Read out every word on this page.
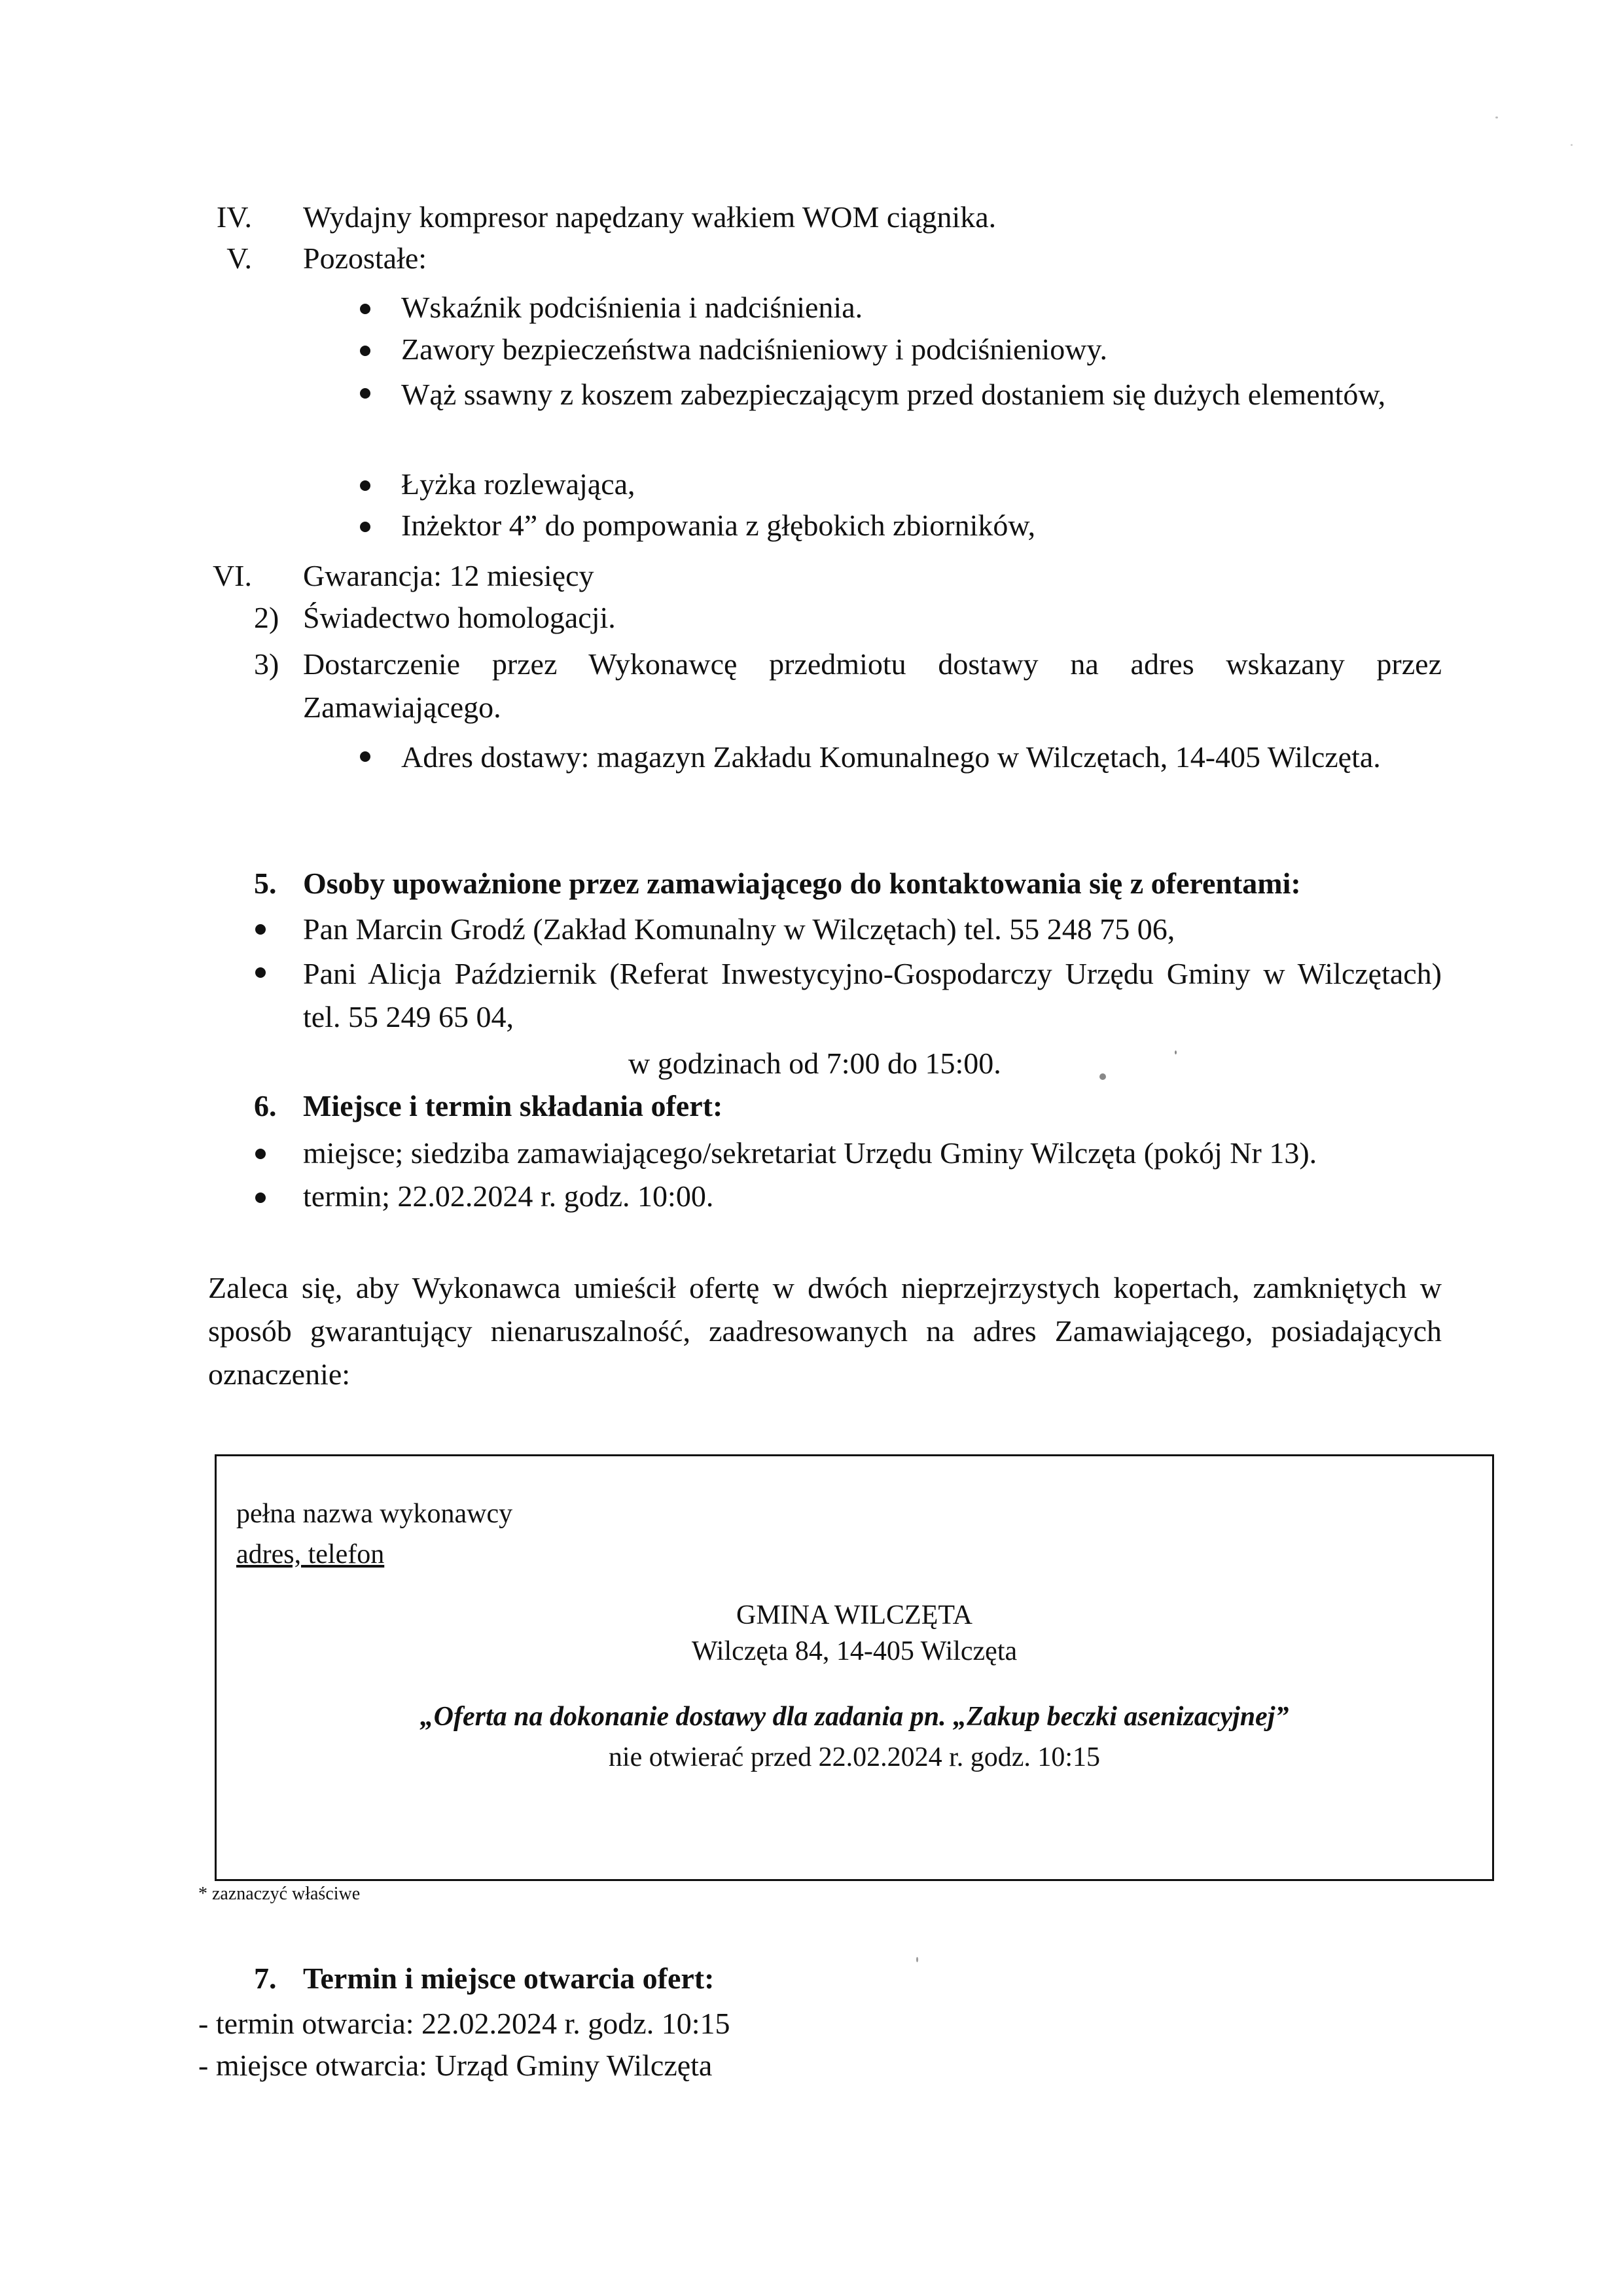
IV. Wydajny kompresor napędzany wałkiem WOM ciągnika.
V. Pozostałe:
Wskaźnik podciśnienia i nadciśnienia.
Zawory bezpieczeństwa nadciśnieniowy i podciśnieniowy.
Wąż ssawny z koszem zabezpieczającym przed dostaniem się dużych elementów,
Łyżka rozlewająca,
Inżektor 4” do pompowania z głębokich zbiorników,
VI. Gwarancja: 12 miesięcy
2) Świadectwo homologacji.
3) Dostarczenie przez Wykonawcę przedmiotu dostawy na adres wskazany przez Zamawiającego.
Adres dostawy: magazyn Zakładu Komunalnego w Wilczętach, 14-405 Wilczęta.
5. Osoby upoważnione przez zamawiającego do kontaktowania się z oferentami:
Pan Marcin Grodź (Zakład Komunalny w Wilczętach) tel. 55 248 75 06,
Pani Alicja Październik (Referat Inwestycyjno-Gospodarczy Urzędu Gminy w Wilczętach) tel. 55 249 65 04,
w godzinach od 7:00 do 15:00.
6. Miejsce i termin składania ofert:
miejsce; siedziba zamawiającego/sekretariat Urzędu Gminy Wilczęta (pokój Nr 13).
termin; 22.02.2024 r. godz. 10:00.
Zaleca się, aby Wykonawca umieścił ofertę w dwóch nieprzejrzystych kopertach, zamkniętych w sposób gwarantujący nienaruszalność, zaadresowanych na adres Zamawiającego, posiadających oznaczenie:
pełna nazwa wykonawcy
adres, telefon
GMINA WILCZĘTA
Wilczęta 84, 14-405 Wilczęta
„Oferta na dokonanie dostawy dla zadania pn. „Zakup beczki asenizacyjnej”
nie otwierać przed 22.02.2024 r. godz. 10:15
* zaznaczyć właściwe
7. Termin i miejsce otwarcia ofert:
- termin otwarcia: 22.02.2024 r. godz. 10:15
- miejsce otwarcia: Urząd Gminy Wilczęta
